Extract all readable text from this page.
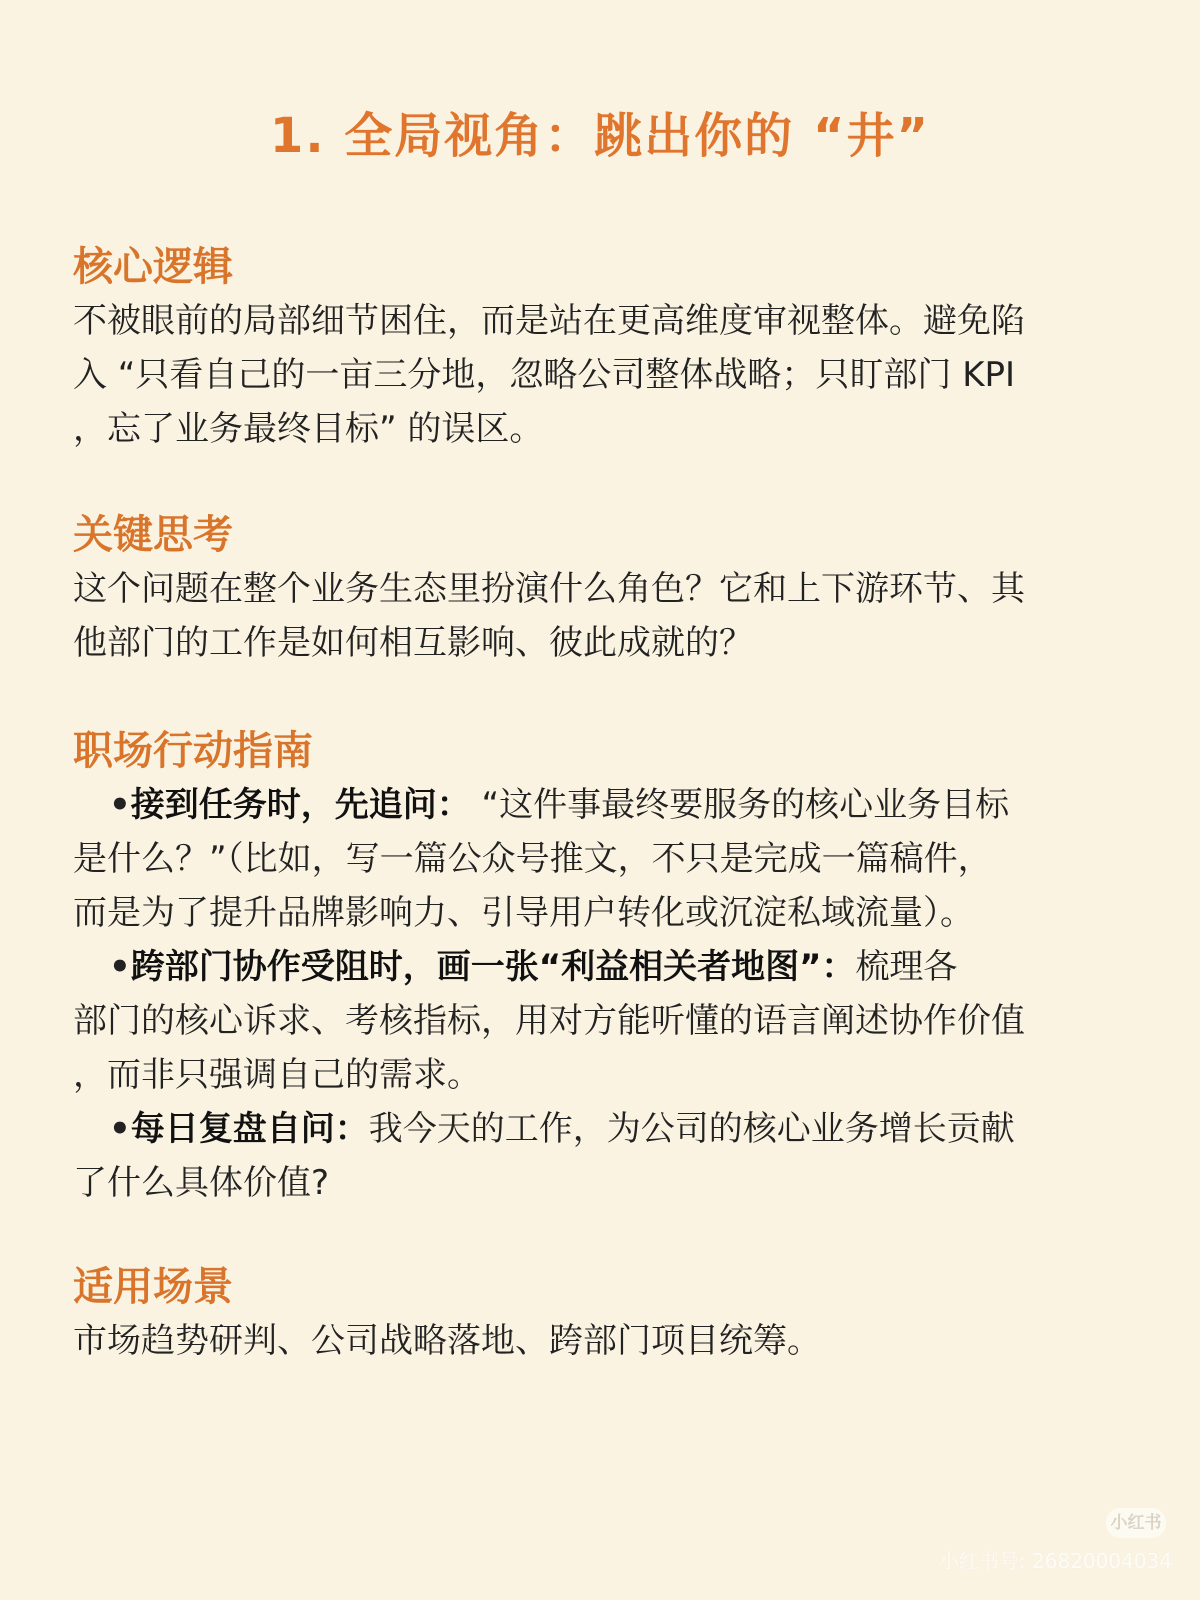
1. 全局视角：跳出你的 “井”
核心逻辑

不被眼前的局部细节困住，而是站在更高维度审视整体。避免陷

入 “只看自己的一亩三分地，忽略公司整体战略；只盯部门 KPI

，忘了业务最终目标” 的误区。

关键思考

这个问题在整个业务生态里扮演什么角色？它和上下游环节、其

他部门的工作是如何相互影响、彼此成就的？

职场行动指南

•接到任务时，先追问： “这件事最终要服务的核心业务目标

是什么？”（比如，写一篇公众号推文，不只是完成一篇稿件，

而是为了提升品牌影响力、引导用户转化或沉淀私域流量）。

•跨部门协作受阻时，画一张“利益相关者地图”：梳理各

部门的核心诉求、考核指标，用对方能听懂的语言阐述协作价值

，而非只强调自己的需求。

•每日复盘自问：我今天的工作，为公司的核心业务增长贡献

了什么具体价值?

适用场景

市场趋势研判、公司战略落地、跨部门项目统筹。

小红书
小红书号: 26820004034
